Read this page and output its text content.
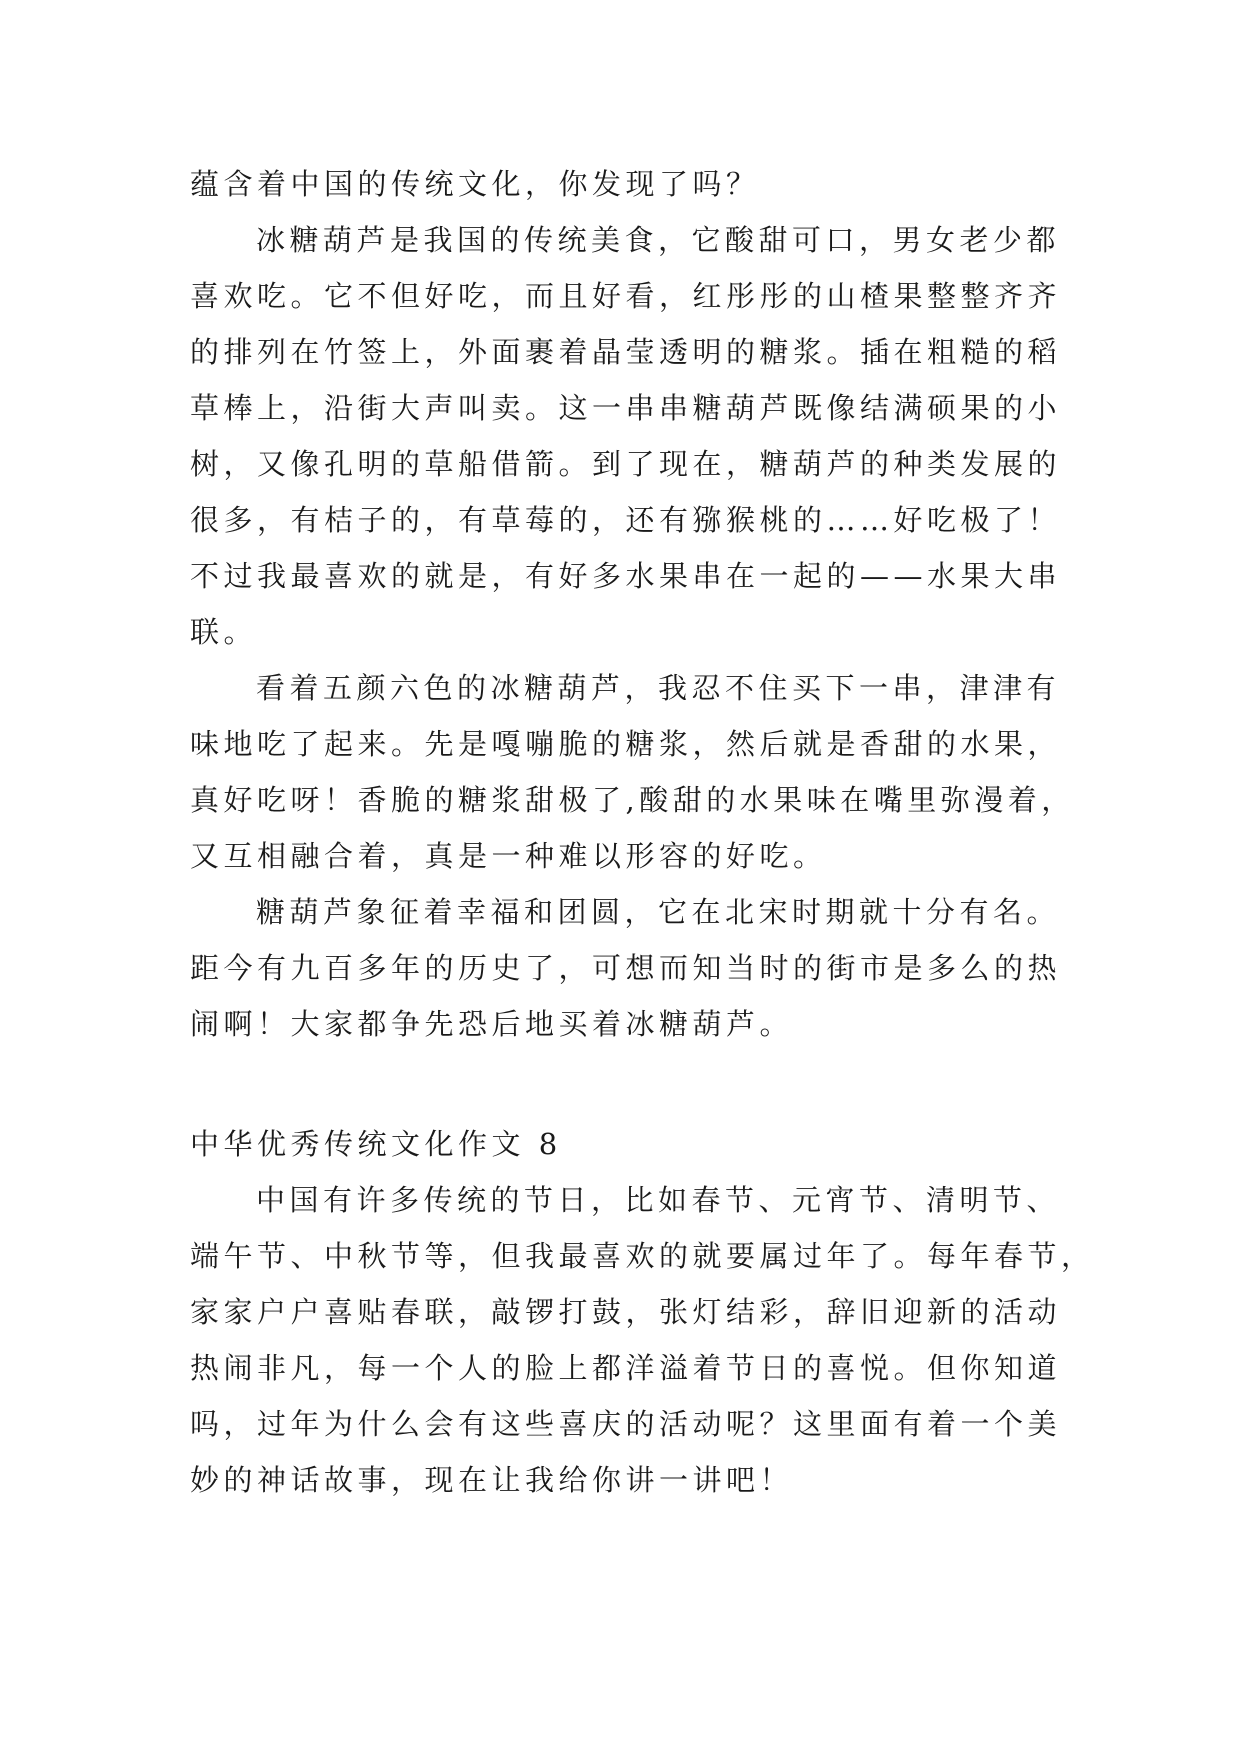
蕴含着中国的传统文化，你发现了吗？
冰糖葫芦是我国的传统美食，它酸甜可口，男女老少都
喜欢吃。它不但好吃，而且好看，红彤彤的山楂果整整齐齐
的排列在竹签上，外面裹着晶莹透明的糖浆。插在粗糙的稻
草棒上，沿街大声叫卖。这一串串糖葫芦既像结满硕果的小
树，又像孔明的草船借箭。到了现在，糖葫芦的种类发展的
很多，有桔子的，有草莓的，还有猕猴桃的……好吃极了！
不过我最喜欢的就是，有好多水果串在一起的——水果大串
联。
看着五颜六色的冰糖葫芦，我忍不住买下一串，津津有
味地吃了起来。先是嘎嘣脆的糖浆，然后就是香甜的水果，
真好吃呀！香脆的糖浆甜极了,酸甜的水果味在嘴里弥漫着，
又互相融合着，真是一种难以形容的好吃。
糖葫芦象征着幸福和团圆，它在北宋时期就十分有名。
距今有九百多年的历史了，可想而知当时的街市是多么的热
闹啊！大家都争先恐后地买着冰糖葫芦。
中华优秀传统文化作文 8
中国有许多传统的节日，比如春节、元宵节、清明节、
端午节、中秋节等，但我最喜欢的就要属过年了。每年春节，
家家户户喜贴春联，敲锣打鼓，张灯结彩，辞旧迎新的活动
热闹非凡，每一个人的脸上都洋溢着节日的喜悦。但你知道
吗，过年为什么会有这些喜庆的活动呢？这里面有着一个美
妙的神话故事，现在让我给你讲一讲吧！
